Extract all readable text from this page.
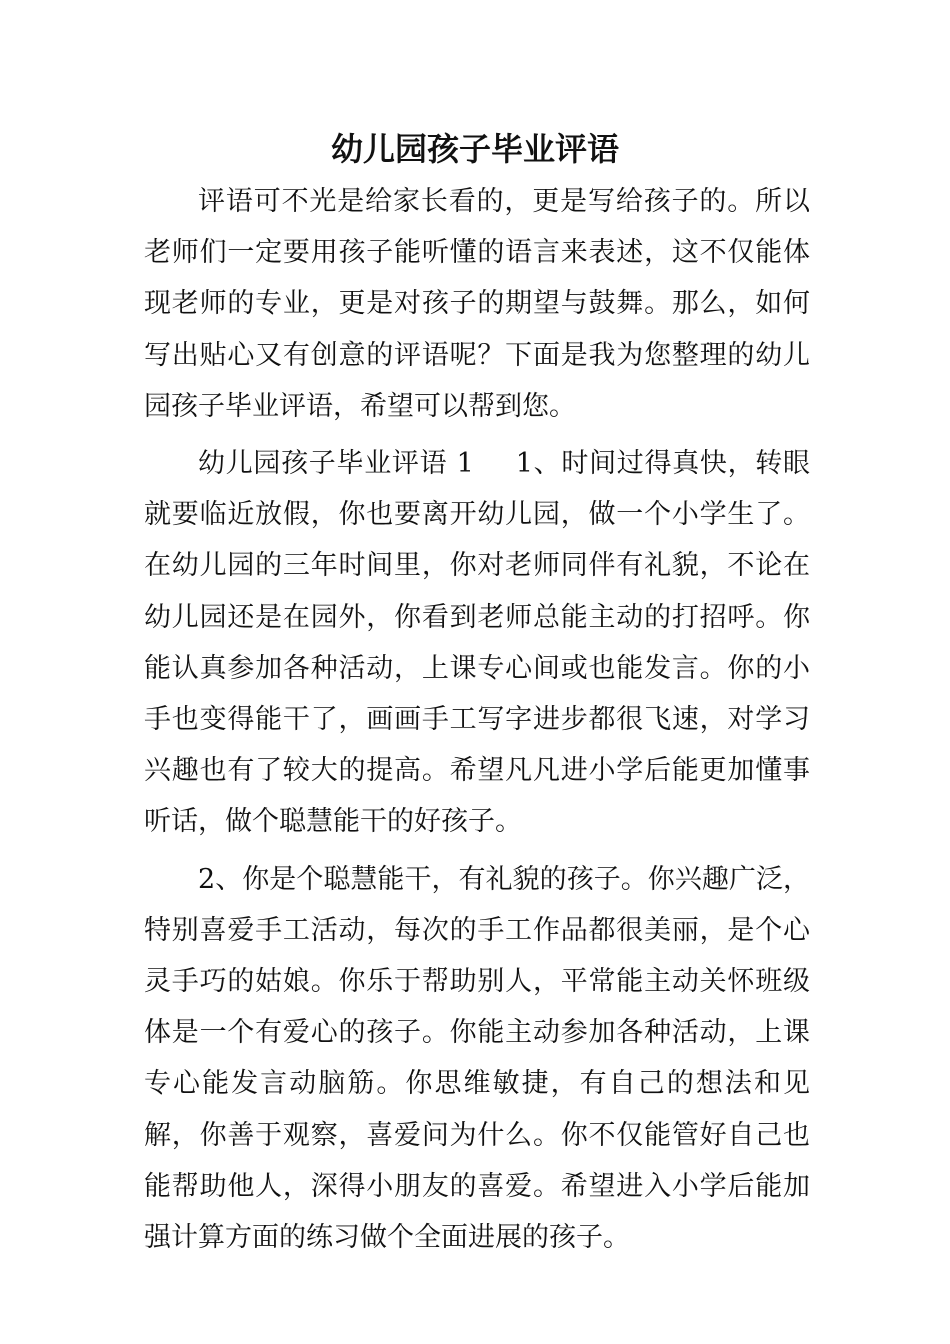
幼儿园孩子毕业评语

评语可不光是给家长看的，更是写给孩子的。所以老师们一定要用孩子能听懂的语言来表述，这不仅能体现老师的专业，更是对孩子的期望与鼓舞。那么，如何写出贴心又有创意的评语呢？下面是我为您整理的幼儿园孩子毕业评语，希望可以帮到您。

幼儿园孩子毕业评语 1 1、时间过得真快，转眼就要临近放假，你也要离开幼儿园，做一个小学生了。在幼儿园的三年时间里，你对老师同伴有礼貌，不论在幼儿园还是在园外，你看到老师总能主动的打招呼。你能认真参加各种活动，上课专心间或也能发言。你的小手也变得能干了，画画手工写字进步都很飞速，对学习兴趣也有了较大的提高。希望凡凡进小学后能更加懂事听话，做个聪慧能干的好孩子。

2、你是个聪慧能干，有礼貌的孩子。你兴趣广泛，特别喜爱手工活动，每次的手工作品都很美丽，是个心灵手巧的姑娘。你乐于帮助别人，平常能主动关怀班级体是一个有爱心的孩子。你能主动参加各种活动，上课专心能发言动脑筋。你思维敏捷，有自己的想法和见解，你善于观察，喜爱问为什么。你不仅能管好自己也能帮助他人，深得小朋友的喜爱。希望进入小学后能加强计算方面的练习做个全面进展的孩子。
